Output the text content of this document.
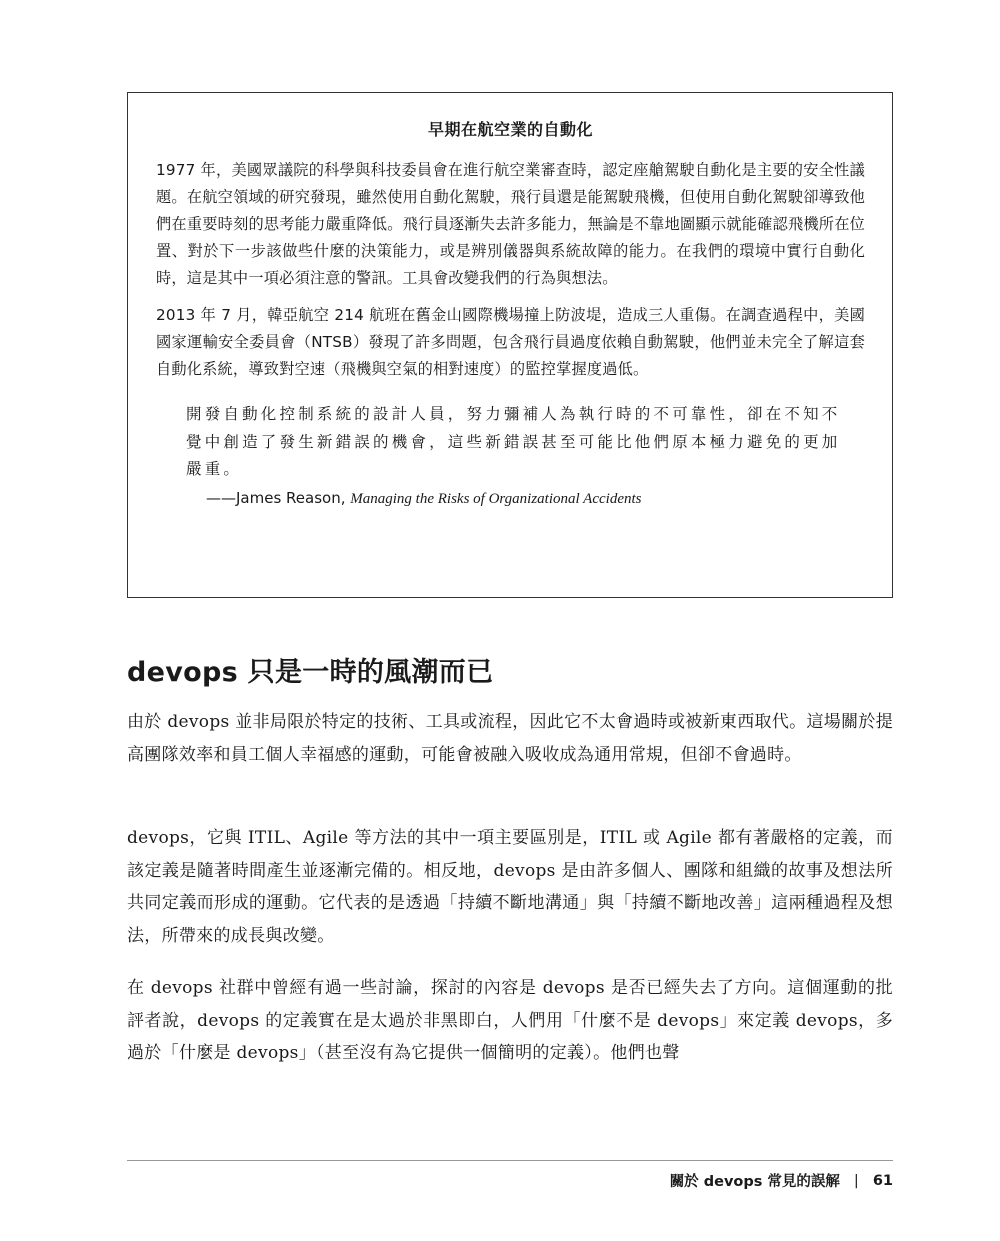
早期在航空業的自動化

1977 年，美國眾議院的科學與科技委員會在進行航空業審查時，認定座艙駕駛自動化是主要的安全性議題。在航空領域的研究發現，雖然使用自動化駕駛，飛行員還是能駕駛飛機，但使用自動化駕駛卻導致他們在重要時刻的思考能力嚴重降低。飛行員逐漸失去許多能力，無論是不靠地圖顯示就能確認飛機所在位置、對於下一步該做些什麼的決策能力，或是辨別儀器與系統故障的能力。在我們的環境中實行自動化時，這是其中一項必須注意的警訊。工具會改變我們的行為與想法。

2013 年 7 月，韓亞航空 214 航班在舊金山國際機場撞上防波堤，造成三人重傷。在調查過程中，美國國家運輸安全委員會（NTSB）發現了許多問題，包含飛行員過度依賴自動駕駛，他們並未完全了解這套自動化系統，導致對空速（飛機與空氣的相對速度）的監控掌握度過低。

開發自動化控制系統的設計人員，努力彌補人為執行時的不可靠性，卻在不知不覺中創造了發生新錯誤的機會，這些新錯誤甚至可能比他們原本極力避免的更加嚴重。
——James Reason, Managing the Risks of Organizational Accidents
devops 只是一時的風潮而已

由於 devops 並非局限於特定的技術、工具或流程，因此它不太會過時或被新東西取代。這場關於提高團隊效率和員工個人幸福感的運動，可能會被融入吸收成為通用常規，但卻不會過時。

devops，它與 ITIL、Agile 等方法的其中一項主要區別是，ITIL 或 Agile 都有著嚴格的定義，而該定義是隨著時間產生並逐漸完備的。相反地，devops 是由許多個人、團隊和組織的故事及想法所共同定義而形成的運動。它代表的是透過「持續不斷地溝通」與「持續不斷地改善」這兩種過程及想法，所帶來的成長與改變。

在 devops 社群中曾經有過一些討論，探討的內容是 devops 是否已經失去了方向。這個運動的批評者說，devops 的定義實在是太過於非黑即白，人們用「什麼不是 devops」來定義 devops，多過於「什麼是 devops」（甚至沒有為它提供一個簡明的定義）。他們也聲

關於 devops 常見的誤解 | 61
